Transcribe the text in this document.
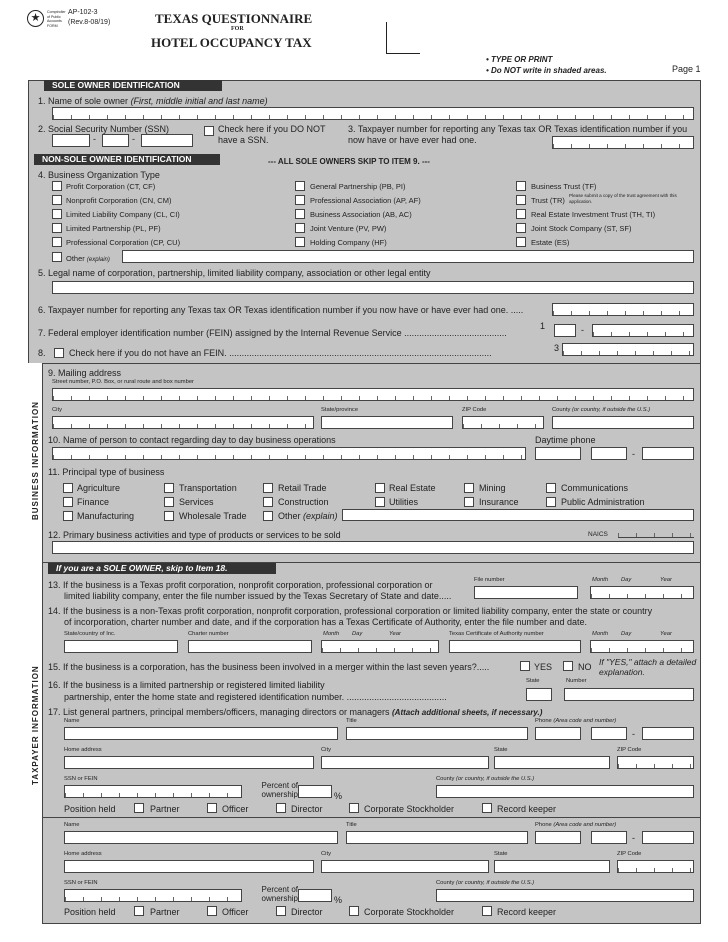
★	Comptroller of Public Accounts FORM
AP-102-3
(Rev.8-08/19)	TEXAS QUESTIONNAIRE
FOR
HOTEL OCCUPANCY TAX
• TYPE OR PRINT
• Do NOT write in shaded areas.	Page 1
SOLE OWNER IDENTIFICATION
1. Name of sole owner (First, middle initial and last name)
2. Social Security Number (SSN)
-	-
Check here if you DO NOT have a SSN.
3. Taxpayer number for reporting any Texas tax OR Texas identification number if you now have or have ever had one.
NON-SOLE OWNER IDENTIFICATION	--- ALL SOLE OWNERS SKIP TO ITEM 9. ---
4. Business Organization Type
Profit Corporation (CT, CF)
Nonprofit Corporation (CN, CM)
Limited Liability Company (CL, CI)
Limited Partnership (PL, PF)
Professional Corporation (CP, CU)
General Partnership (PB, PI)
Professional Association (AP, AF)
Business Association (AB, AC)
Joint Venture (PV, PW)
Holding Company (HF)
Business Trust (TF)
Trust (TR)
Please submit a copy of the trust agreement with this application.
Real Estate Investment Trust (TH, TI)
Joint Stock Company (ST, SF)
Estate (ES)
Other (explain)
5. Legal name of corporation, partnership, limited liability company, association or other legal entity
6. Taxpayer number for reporting any Texas tax OR Texas identification number if you now have or have ever had one. .....
7. Federal employer identification number (FEIN) assigned by the Internal Revenue Service .........................................
1	-
8.	Check here if you do not have an FEIN. .........................................................................................................	3
BUSINESS INFORMATION
9. Mailing address
Street number, P.O. Box, or rural route and box number
City	State/province	ZIP Code	County (or country, if outside the U.S.)
10. Name of person to contact regarding day to day business operations	Daytime phone
-
11. Principal type of business
Agriculture	Transportation	Retail Trade	Real Estate	Mining	Communications
Finance	Services	Construction	Utilities	Insurance	Public Administration
Manufacturing	Wholesale Trade	Other (explain)
12. Primary business activities and type of products or services to be sold	NAICS
TAXPAYER INFORMATION
If you are a SOLE OWNER, skip to Item 18.
13. If the business is a Texas profit corporation, nonprofit corporation, professional corporation or
limited liability company, enter the file number issued by the Texas Secretary of State and date.....
File number	Month Day	Year
14. If the business is a non-Texas profit corporation, nonprofit corporation, professional corporation or limited liability company, enter the state or country
of incorporation, charter number and date, and if the corporation has a Texas Certificate of Authority, enter the file number and date.
State/country of Inc.	Charter number	Month Day	Year	Texas Certificate of Authority number	Month Day	Year
15. If the business is a corporation, has the business been involved in a merger within the last seven years?.....	YES	NO If "YES," attach a detailed explanation.
16. If the business is a limited partnership or registered limited liability
partnership, enter the home state and registered identification number. ........................................
State	Number
17. List general partners, principal members/officers, managing directors or managers (Attach additional sheets, if necessary.)
Name	Title	Phone (Area code and number)
-
Home address	City	State	ZIP Code
SSN or FEIN
Percent of ownership	%
County (or country, if outside the U.S.)
Position held	Partner	Officer	Director	Corporate Stockholder	Record keeper
Name	Title	Phone (Area code and number)
-
Home address	City	State	ZIP Code
SSN or FEIN
Percent of ownership	%
County (or country, if outside the U.S.)
Position held	Partner	Officer	Director	Corporate Stockholder	Record keeper
